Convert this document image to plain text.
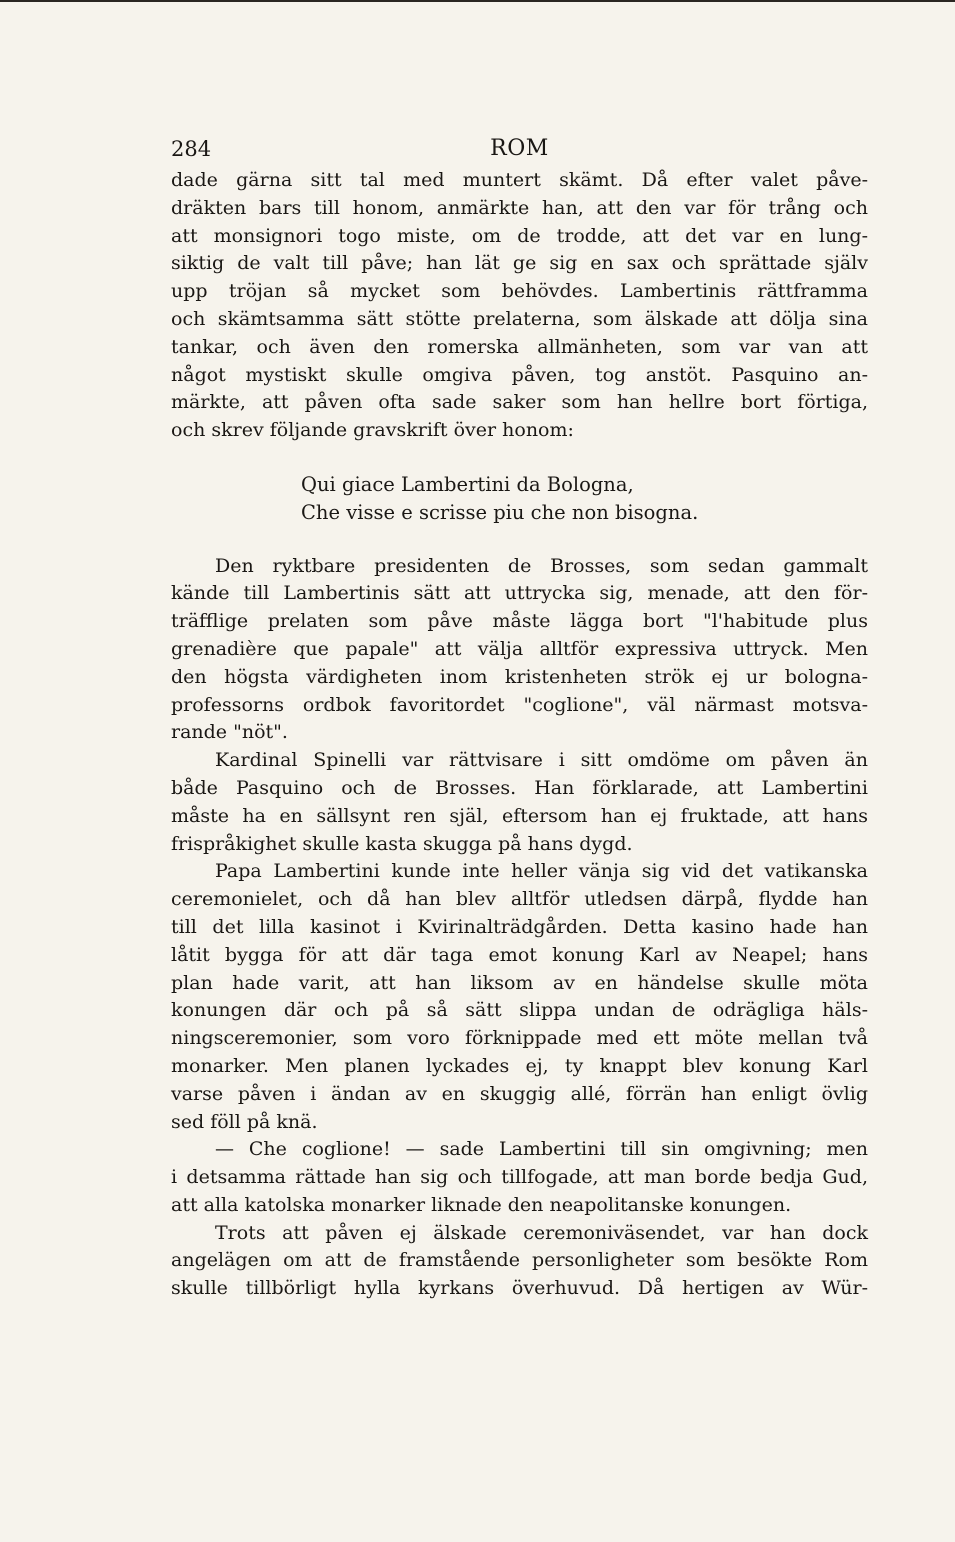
284	ROM
dade gärna sitt tal med muntert skämt. Då efter valet påve-
dräkten bars till honom, anmärkte han, att den var för trång och
att monsignori togo miste, om de trodde, att det var en lung-
siktig de valt till påve; han lät ge sig en sax och sprättade själv
upp tröjan så mycket som behövdes. Lambertinis rättframma
och skämtsamma sätt stötte prelaterna, som älskade att dölja sina
tankar, och även den romerska allmänheten, som var van att
något mystiskt skulle omgiva påven, tog anstöt. Pasquino an-
märkte, att påven ofta sade saker som han hellre bort förtiga,
och skrev följande gravskrift över honom:
Qui giace Lambertini da Bologna,
Che visse e scrisse piu che non bisogna.
Den ryktbare presidenten de Brosses, som sedan gammalt
kände till Lambertinis sätt att uttrycka sig, menade, att den för-
träfflige prelaten som påve måste lägga bort "l'habitude plus
grenadière que papale" att välja alltför expressiva uttryck. Men
den högsta värdigheten inom kristenheten strök ej ur bologna-
professorns ordbok favoritordet "coglione", väl närmast motsva-
rande "nöt".
Kardinal Spinelli var rättvisare i sitt omdöme om påven än
både Pasquino och de Brosses. Han förklarade, att Lambertini
måste ha en sällsynt ren själ, eftersom han ej fruktade, att hans
frispråkighet skulle kasta skugga på hans dygd.
Papa Lambertini kunde inte heller vänja sig vid det vatikanska
ceremonielet, och då han blev alltför utledsen därpå, flydde han
till det lilla kasinot i Kvirinalträdgården. Detta kasino hade han
låtit bygga för att där taga emot konung Karl av Neapel; hans
plan hade varit, att han liksom av en händelse skulle möta
konungen där och på så sätt slippa undan de odrägliga häls-
ningsceremonier, som voro förknippade med ett möte mellan två
monarker. Men planen lyckades ej, ty knappt blev konung Karl
varse påven i ändan av en skuggig allé, förrän han enligt övlig
sed föll på knä.
— Che coglione! — sade Lambertini till sin omgivning; men
i detsamma rättade han sig och tillfogade, att man borde bedja Gud,
att alla katolska monarker liknade den neapolitanske konungen.
Trots att påven ej älskade ceremoniväsendet, var han dock
angelägen om att de framstående personligheter som besökte Rom
skulle tillbörligt hylla kyrkans överhuvud. Då hertigen av Wür-
